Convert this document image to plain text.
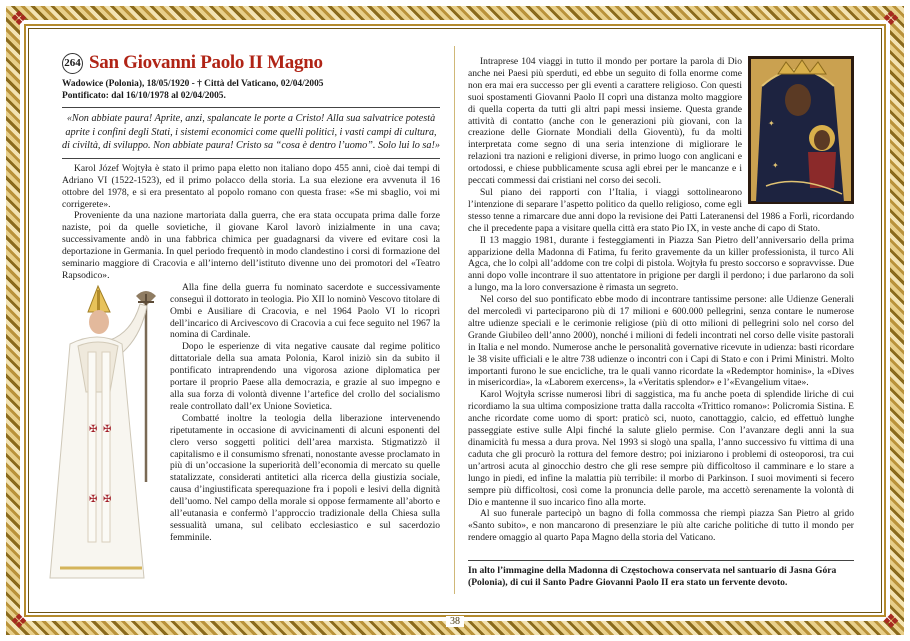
❖	❖
❖	❖
264 San Giovanni Paolo II Magno
Wadowice (Polonia), 18/05/1920 - † Città del Vaticano, 02/04/2005
Pontificato: dal 16/10/1978 al 02/04/2005.
«Non abbiate paura! Aprite, anzi, spalancate le porte a Cristo! Alla sua salvatrice potestà aprite i confini degli Stati, i sistemi economici come quelli politici, i vasti campi di cultura, di civiltà, di sviluppo. Non abbiate paura! Cristo sa “cosa è dentro l’uomo”. Solo lui lo sa!»

Karol Józef Wojtyła è stato il primo papa eletto non italiano dopo 455 anni, cioè dai tempi di Adriano VI (1522-1523), ed il primo polacco della storia. La sua elezione era avvenuta il 16 ottobre del 1978, e si era presentato al popolo romano con questa frase: «Se mi sbaglio, voi mi corrigerete».

Proveniente da una nazione martoriata dalla guerra, che era stata occupata prima dalle forze naziste, poi da quelle sovietiche, il giovane Karol lavorò inizialmente in una cava; successivamente andò in una fabbrica chimica per guadagnarsi da vivere ed evitare così la deportazione in Germania. In quel periodo frequentò in modo clandestino i corsi di formazione del seminario maggiore di Cracovia e all’interno dell’istituto divenne uno dei promotori del «Teatro Rapsodico».

✠ ✠
✠ ✠

Alla fine della guerra fu nominato sacerdote e successivamente conseguì il dottorato in teologia. Pio XII lo nominò Vescovo titolare di Ombi e Ausiliare di Cracovia, e nel 1964 Paolo VI lo ricoprì dell’incarico di Arcivescovo di Cracovia a cui fece seguito nel 1967 la nomina di Cardinale.

Dopo le esperienze di vita negative causate dal regime politico dittatoriale della sua amata Polonia, Karol iniziò sin da subito il pontificato intraprendendo una vigorosa azione diplomatica per portare il proprio Paese alla democrazia, e grazie al suo impegno e alla sua forza di volontà divenne l’artefice del crollo del socialismo reale controllato dall’ex Unione Sovietica.

Combatté inoltre la teologia della liberazione intervenendo ripetutamente in occasione di avvicinamenti di alcuni esponenti del clero verso soggetti politici dell’area marxista. Stigmatizzò il capitalismo e il consumismo sfrenati, nonostante avesse proclamato in più di un’occasione la superiorità dell’economia di mercato su quelle statalizzate, considerati antitetici alla ricerca della giustizia sociale, causa d’ingiustificata sperequazione fra i popoli e lesivi della dignità dell’uomo. Nel campo della morale si oppose fermamente all’aborto e all’eutanasia e confermò l’approccio tradizionale della Chiesa sulla sessualità umana, sul celibato ecclesiastico e sul sacerdozio femminile.

✦
✦

Intraprese 104 viaggi in tutto il mondo per portare la parola di Dio anche nei Paesi più sperduti, ed ebbe un seguito di folla enorme come non era mai era successo per gli eventi a carattere religioso. Con questi suoi spostamenti Giovanni Paolo II coprì una distanza molto maggiore di quella coperta da tutti gli altri papi messi insieme. Questa grande attività di contatto (anche con le generazioni più giovani, con la creazione delle Giornate Mondiali della Gioventù), fu da molti interpretata come segno di una seria intenzione di migliorare le relazioni tra nazioni e religioni diverse, in primo luogo con anglicani e ortodossi, e chiese pubblicamente scusa agli ebrei per le mancanze e i peccati commessi dai cristiani nel corso dei secoli.

Sul piano dei rapporti con l’Italia, i viaggi sottolinearono l’intenzione di separare l’aspetto politico da quello religioso, come egli stesso tenne a rimarcare due anni dopo la revisione dei Patti Lateranensi del 1986 a Forlì, ricordando che il precedente papa a visitare quella città era stato Pio IX, in veste anche di capo di Stato.

Il 13 maggio 1981, durante i festeggiamenti in Piazza San Pietro dell’anniversario della prima apparizione della Madonna di Fatima, fu ferito gravemente da un killer professionista, il turco Ali Agca, che lo colpì all’addome con tre colpi di pistola. Wojtyła fu presto soccorso e sopravvisse. Due anni dopo volle incontrare il suo attentatore in prigione per dargli il perdono; i due parlarono da soli a lungo, ma la loro conversazione è rimasta un segreto.

Nel corso del suo pontificato ebbe modo di incontrare tantissime persone: alle Udienze Generali del mercoledì vi parteciparono più di 17 milioni e 600.000 pellegrini, senza contare le numerose altre udienze speciali e le cerimonie religiose (più di otto milioni di pellegrini solo nel corso del Grande Giubileo dell’anno 2000), nonché i milioni di fedeli incontrati nel corso delle visite pastorali in Italia e nel mondo. Numerose anche le personalità governative ricevute in udienza: basti ricordare le 38 visite ufficiali e le altre 738 udienze o incontri con i Capi di Stato e con i Primi Ministri. Molto importanti furono le sue encicliche, tra le quali vanno ricordate la «Redemptor hominis», la «Dives in misericordia», la «Laborem exercens», la «Veritatis splendor» e l’«Evangelium vitae».

Karol Wojtyła scrisse numerosi libri di saggistica, ma fu anche poeta di splendide liriche di cui ricordiamo la sua ultima composizione tratta dalla raccolta «Trittico romano»: Policromia Sistina. E anche ricordate come uomo di sport: praticò sci, nuoto, canottaggio, calcio, ed effettuò lunghe passeggiate estive sulle Alpi finché la salute glielo permise. Con l’avanzare degli anni la sua dinamicità fu messa a dura prova. Nel 1993 si slogò una spalla, l’anno successivo fu vittima di una caduta che gli procurò la rottura del femore destro; poi iniziarono i problemi di osteoporosi, tra cui un’artrosi acuta al ginocchio destro che gli rese sempre più difficoltoso il camminare e lo stare a lungo in piedi, ed infine la malattia più terribile: il morbo di Parkinson. I suoi movimenti si fecero sempre più difficoltosi, così come la pronuncia delle parole, ma accettò serenamente la volontà di Dio e mantenne il suo incarico fino alla morte.

Al suo funerale partecipò un bagno di folla commossa che riempì piazza San Pietro al grido «Santo subito», e non mancarono di presenziare le più alte cariche politiche di tutto il mondo per rendere omaggio al quarto Papa Magno della storia del Vaticano.

In alto l’immagine della Madonna di Częstochowa conservata nel santuario di Jasna Góra (Polonia), di cui il Santo Padre Giovanni Paolo II era stato un fervente devoto.
38
